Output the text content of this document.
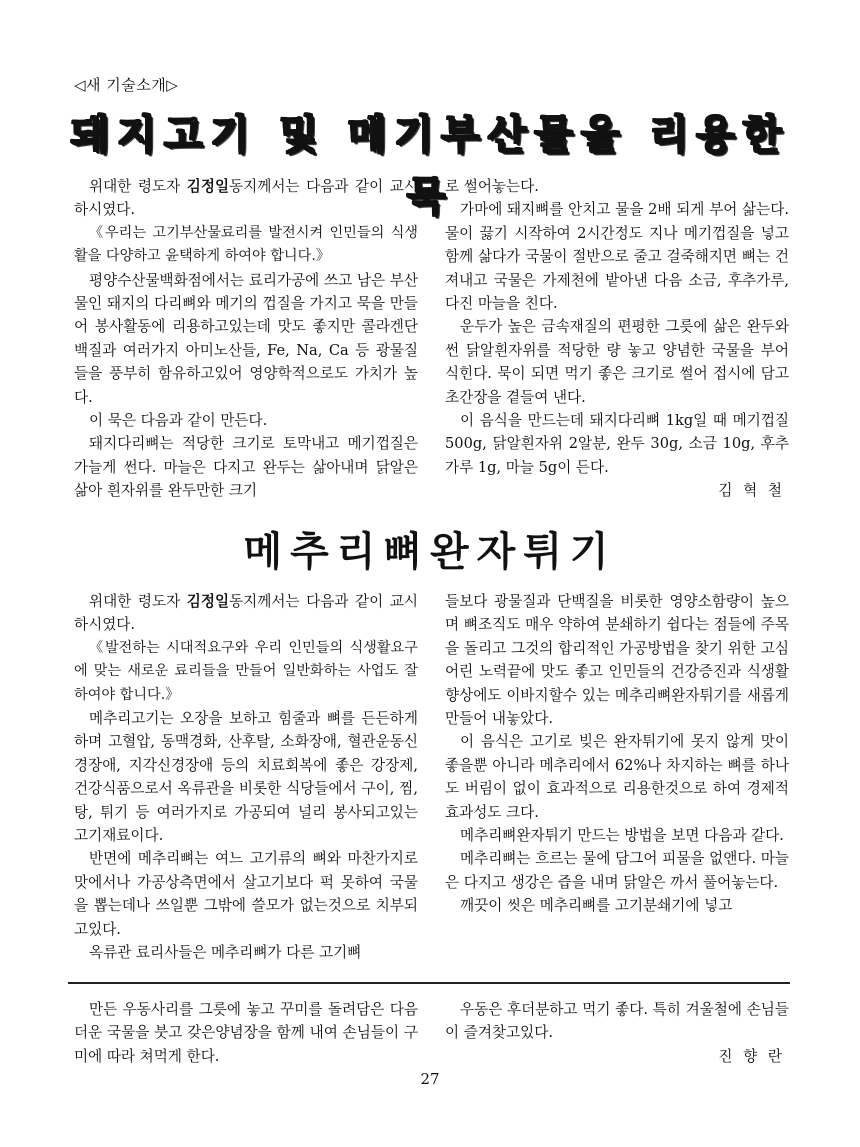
◁새 기술소개▷
돼지고기 및 메기부산물을 리용한 묵

위대한 령도자 김정일동지께서는 다음과 같이 교시하시였다.

《우리는 고기부산물료리를 발전시켜 인민들의 식생활을 다양하고 윤택하게 하여야 합니다.》

평양수산물백화점에서는 료리가공에 쓰고 남은 부산물인 돼지의 다리뼈와 메기의 껍질을 가지고 묵을 만들어 봉사활동에 리용하고있는데 맛도 좋지만 콜라겐단백질과 여러가지 아미노산들, Fe, Na, Ca 등 광물질들을 풍부히 함유하고있어 영양학적으로도 가치가 높다.

이 묵은 다음과 같이 만든다.

돼지다리뼈는 적당한 크기로 토막내고 메기껍질은 가늘게 썬다. 마늘은 다지고 완두는 삶아내며 닭알은 삶아 흰자위를 완두만한 크기

로 썰어놓는다.

가마에 돼지뼈를 안치고 물을 2배 되게 부어 삶는다. 물이 끓기 시작하여 2시간정도 지나 메기껍질을 넣고 함께 삶다가 국물이 절반으로 줄고 걸죽해지면 뼈는 건져내고 국물은 가제천에 밭아낸 다음 소금, 후추가루, 다진 마늘을 친다.

운두가 높은 금속재질의 편평한 그릇에 삶은 완두와 썬 닭알흰자위를 적당한 량 놓고 양념한 국물을 부어 식힌다. 묵이 되면 먹기 좋은 크기로 썰어 접시에 담고 초간장을 곁들여 낸다.

이 음식을 만드는데 돼지다리뼈 1kg일 때 메기껍질 500g, 닭알흰자위 2알분, 완두 30g, 소금 10g, 후추가루 1g, 마늘 5g이 든다.

김 혁 철

메추리뼈완자튀기

위대한 령도자 김정일동지께서는 다음과 같이 교시하시였다.

《발전하는 시대적요구와 우리 인민들의 식생활요구에 맞는 새로운 료리들을 만들어 일반화하는 사업도 잘하여야 합니다.》

메추리고기는 오장을 보하고 힘줄과 뼈를 든든하게 하며 고혈압, 동맥경화, 산후탈, 소화장애, 혈관운동신경장애, 지각신경장애 등의 치료회복에 좋은 강장제, 건강식품으로서 옥류관을 비롯한 식당들에서 구이, 찜, 탕, 튀기 등 여러가지로 가공되여 널리 봉사되고있는 고기재료이다.

반면에 메추리뼈는 여느 고기류의 뼈와 마찬가지로 맛에서나 가공상측면에서 살고기보다 퍽 못하여 국물을 뽑는데나 쓰일뿐 그밖에 쓸모가 없는것으로 치부되고있다.

옥류관 료리사들은 메추리뼈가 다른 고기뼈

들보다 광물질과 단백질을 비롯한 영양소함량이 높으며 뼈조직도 매우 약하여 분쇄하기 쉽다는 점들에 주목을 돌리고 그것의 합리적인 가공방법을 찾기 위한 고심어린 노력끝에 맛도 좋고 인민들의 건강증진과 식생활향상에도 이바지할수 있는 메추리뼈완자튀기를 새롭게 만들어 내놓았다.

이 음식은 고기로 빚은 완자튀기에 못지 않게 맛이 좋을뿐 아니라 메추리에서 62%나 차지하는 뼈를 하나도 버림이 없이 효과적으로 리용한것으로 하여 경제적효과성도 크다.

메추리뼈완자튀기 만드는 방법을 보면 다음과 같다.

메추리뼈는 흐르는 물에 담그어 피물을 없앤다. 마늘은 다지고 생강은 즙을 내며 닭알은 까서 풀어놓는다.

깨끗이 씻은 메추리뼈를 고기분쇄기에 넣고

만든 우동사리를 그릇에 놓고 꾸미를 돌려담은 다음 더운 국물을 붓고 갖은양념장을 함께 내여 손님들이 구미에 따라 쳐먹게 한다.

우동은 후더분하고 먹기 좋다. 특히 겨울철에 손님들이 즐겨찾고있다.

진 향 란

27
